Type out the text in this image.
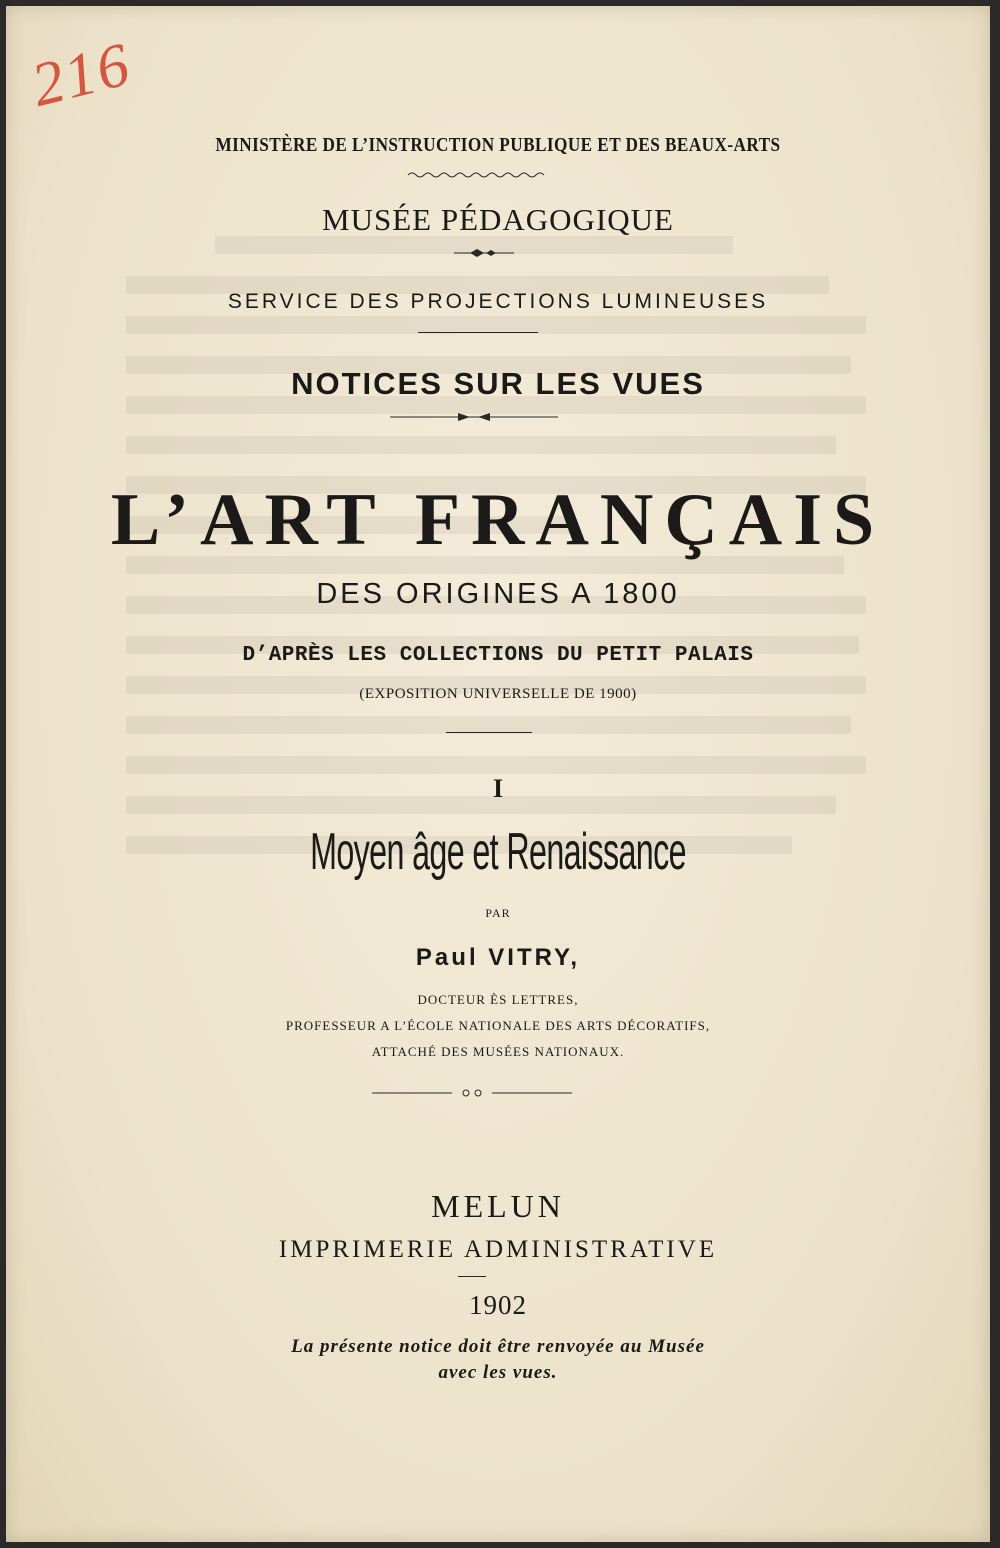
216
MINISTÈRE DE L’INSTRUCTION PUBLIQUE ET DES BEAUX-ARTS
MUSÉE PÉDAGOGIQUE
SERVICE DES PROJECTIONS LUMINEUSES
NOTICES SUR LES VUES
L’ART FRANÇAIS
DES ORIGINES A 1800
D’APRÈS LES COLLECTIONS DU PETIT PALAIS
(EXPOSITION UNIVERSELLE DE 1900)
I
Moyen âge et Renaissance
PAR
Paul VITRY,
DOCTEUR ÈS LETTRES,
PROFESSEUR A L’ÉCOLE NATIONALE DES ARTS DÉCORATIFS,
ATTACHÉ DES MUSÉES NATIONAUX.
MELUN
IMPRIMERIE ADMINISTRATIVE
1902
La présente notice doit être renvoyée au Musée
avec les vues.
